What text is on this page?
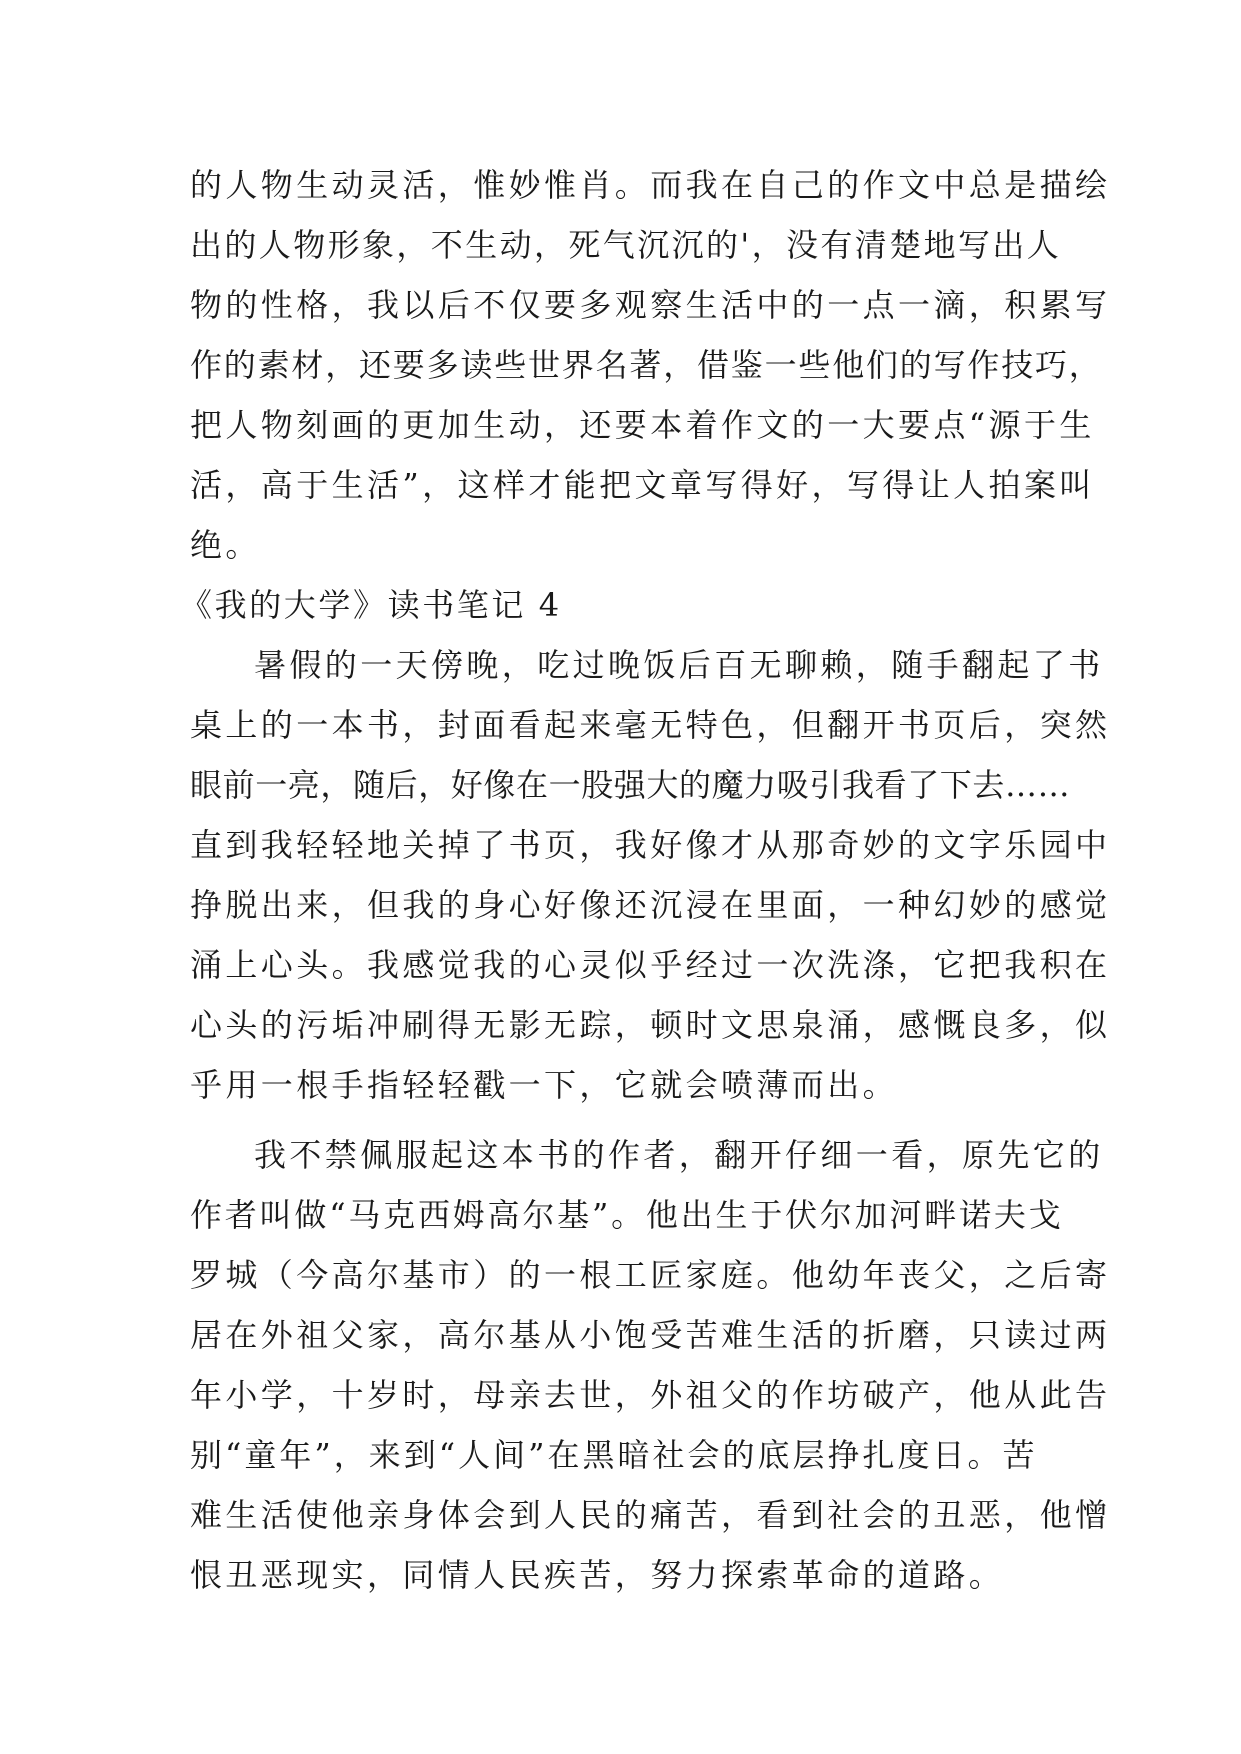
的人物生动灵活，惟妙惟肖。而我在自己的作文中总是描绘
出的人物形象，不生动，死气沉沉的'，没有清楚地写出人
物的性格，我以后不仅要多观察生活中的一点一滴，积累写
作的素材，还要多读些世界名著，借鉴一些他们的写作技巧，
把人物刻画的更加生动，还要本着作文的一大要点“源于生
活，高于生活”，这样才能把文章写得好，写得让人拍案叫
绝。
《我的大学》读书笔记 4
暑假的一天傍晚，吃过晚饭后百无聊赖，随手翻起了书
桌上的一本书，封面看起来毫无特色，但翻开书页后，突然
眼前一亮，随后，好像在一股强大的魔力吸引我看了下去……
直到我轻轻地关掉了书页，我好像才从那奇妙的文字乐园中
挣脱出来，但我的身心好像还沉浸在里面，一种幻妙的感觉
涌上心头。我感觉我的心灵似乎经过一次洗涤，它把我积在
心头的污垢冲刷得无影无踪，顿时文思泉涌，感慨良多，似
乎用一根手指轻轻戳一下，它就会喷薄而出。
我不禁佩服起这本书的作者，翻开仔细一看，原先它的
作者叫做“马克西姆高尔基”。他出生于伏尔加河畔诺夫戈
罗城（今高尔基市）的一根工匠家庭。他幼年丧父，之后寄
居在外祖父家，高尔基从小饱受苦难生活的折磨，只读过两
年小学，十岁时，母亲去世，外祖父的作坊破产，他从此告
别“童年”，来到“人间”在黑暗社会的底层挣扎度日。苦
难生活使他亲身体会到人民的痛苦，看到社会的丑恶，他憎
恨丑恶现实，同情人民疾苦，努力探索革命的道路。
